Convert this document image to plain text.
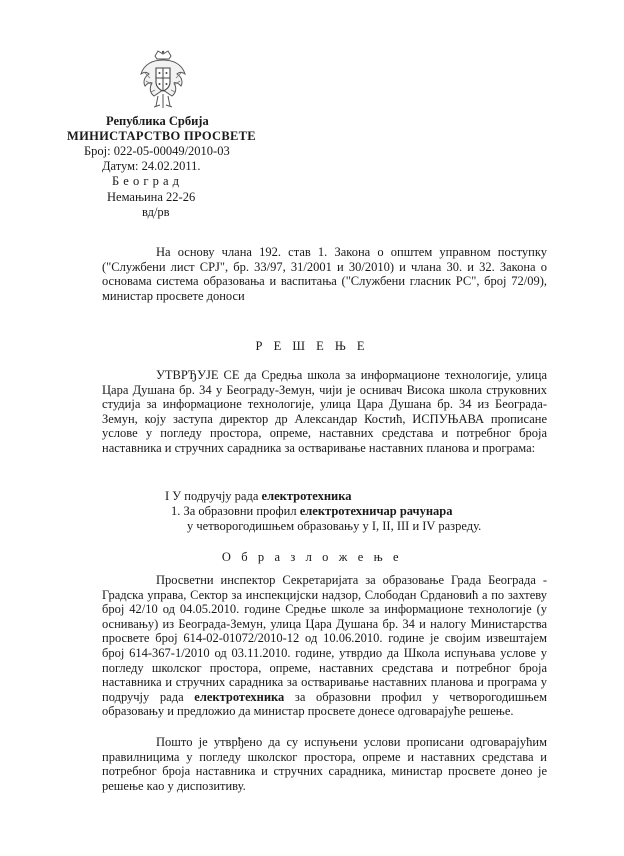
Република Србија
МИНИСТАРСТВО ПРОСВЕТЕ
Број: 022-05-00049/2010-03
Датум: 24.02.2011.
Б е о г р а д
Немањина 22-26
вд/рв
На основу члана 192. став 1. Закона о општем управном поступку ("Службени лист СРЈ", бр. 33/97, 31/2001 и 30/2010) и члана 30. и 32. Закона о основама система образовања и васпитања ("Службени гласник РС", број 72/09), министар просвете доноси
Р Е Ш Е Њ Е
УТВРЂУЈЕ СЕ да Средња школа за информационе технологије, улица Цара Душана бр. 34 у Београду-Земун, чији је оснивач Висока школа струковних студија за информационе технологије, улица Цара Душана бр. 34 из Београда-Земун, коју заступа директор др Александар Костић, ИСПУЊАВА прописане услове у погледу простора, опреме, наставних средстава и потребног броја наставника и стручних сарадника за остваривање наставних планова и програма:
I У подручју рада електротехника
1. За образовни профил електротехничар рачунара
у четворогодишњем образовању у I, II, III и IV разреду.
О б р а з л о ж е њ е
Просветни инспектор Секретаријата за образовање Града Београда - Градска управа, Сектор за инспекцијски надзор, Слободан Срдановић а по захтеву број 42/10 од 04.05.2010. године Средње школе за информационе технологије (у оснивању) из Београда-Земун, улица Цара Душана бр. 34 и налогу Министарства просвете број 614-02-01072/2010-12 од 10.06.2010. године је својим извештајем број 614-367-1/2010 од 03.11.2010. године, утврдио да Школа испуњава услове у погледу школског простора, опреме, наставних средстава и потребног броја наставника и стручних сарадника за остваривање наставних планова и програма у подручју рада електротехника за образовни профил у четворогодишњем образовању и предложио да министар просвете донесе одговарајуће решење.
Пошто је утврђено да су испуњени услови прописани одговарајућим правилницима у погледу школског простора, опреме и наставних средстава и потребног броја наставника и стручних сарадника, министар просвете донео је решење као у диспозитиву.
